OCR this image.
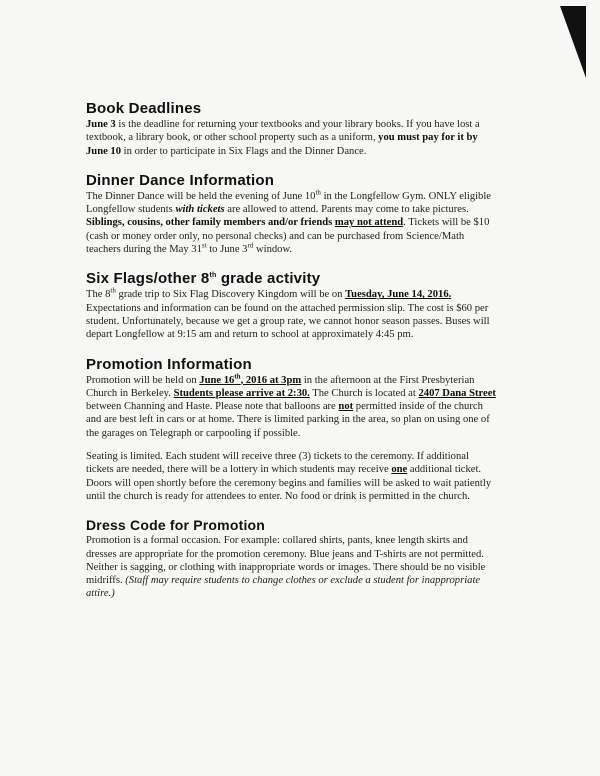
Book Deadlines

June 3 is the deadline for returning your textbooks and your library books. If you have lost a textbook, a library book, or other school property such as a uniform, you must pay for it by June 10 in order to participate in Six Flags and the Dinner Dance.

Dinner Dance Information

The Dinner Dance will be held the evening of June 10th in the Longfellow Gym. ONLY eligible Longfellow students with tickets are allowed to attend. Parents may come to take pictures. Siblings, cousins, other family members and/or friends may not attend. Tickets will be $10 (cash or money order only, no personal checks) and can be purchased from Science/Math teachers during the May 31st to June 3rd window.

Six Flags/other 8th grade activity

The 8th grade trip to Six Flag Discovery Kingdom will be on Tuesday, June 14, 2016. Expectations and information can be found on the attached permission slip. The cost is $60 per student. Unfortunately, because we get a group rate, we cannot honor season passes. Buses will depart Longfellow at 9:15 am and return to school at approximately 4:45 pm.

Promotion Information

Promotion will be held on June 16th, 2016 at 3pm in the afternoon at the First Presbyterian Church in Berkeley. Students please arrive at 2:30. The Church is located at 2407 Dana Street between Channing and Haste. Please note that balloons are not permitted inside of the church and are best left in cars or at home. There is limited parking in the area, so plan on using one of the garages on Telegraph or carpooling if possible.

Seating is limited. Each student will receive three (3) tickets to the ceremony. If additional tickets are needed, there will be a lottery in which students may receive one additional ticket. Doors will open shortly before the ceremony begins and families will be asked to wait patiently until the church is ready for attendees to enter. No food or drink is permitted in the church.

Dress Code for Promotion

Promotion is a formal occasion. For example: collared shirts, pants, knee length skirts and dresses are appropriate for the promotion ceremony. Blue jeans and T-shirts are not permitted. Neither is sagging, or clothing with inappropriate words or images. There should be no visible midriffs. (Staff may require students to change clothes or exclude a student for inappropriate attire.)
